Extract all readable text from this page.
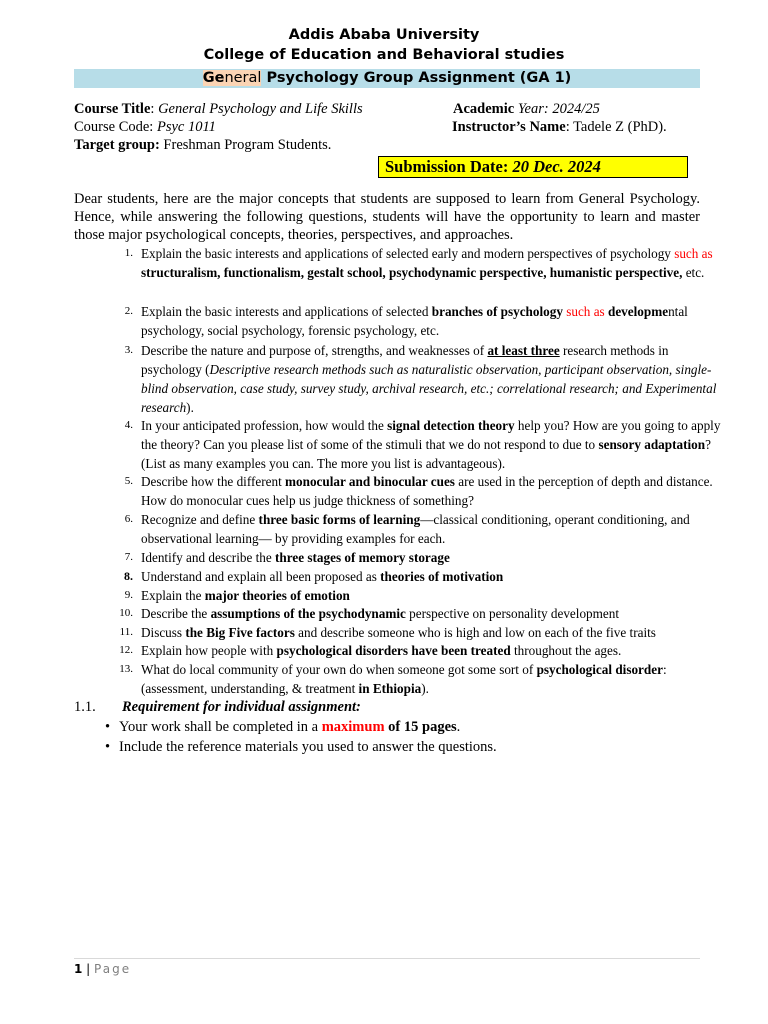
Addis Ababa University
College of Education and Behavioral studies
General Psychology Group Assignment (GA 1)
Course Title: General Psychology and Life Skills	Academic Year: 2024/25
Course Code: Psyc 1011	Instructor’s Name: Tadele Z (PhD).
Target group: Freshman Program Students.
Submission Date: 20 Dec. 2024
Dear students, here are the major concepts that students are supposed to learn from General Psychology. Hence, while answering the following questions, students will have the opportunity to learn and master those major psychological concepts, theories, perspectives, and approaches.
1. Explain the basic interests and applications of selected early and modern perspectives of psychology such as structuralism, functionalism, gestalt school, psychodynamic perspective, humanistic perspective, etc.
2. Explain the basic interests and applications of selected branches of psychology such as developmental psychology, social psychology, forensic psychology, etc.
3. Describe the nature and purpose of, strengths, and weaknesses of at least three research methods in psychology (Descriptive research methods such as naturalistic observation, participant observation, single-blind observation, case study, survey study, archival research, etc.; correlational research; and Experimental research).
4. In your anticipated profession, how would the signal detection theory help you? How are you going to apply the theory? Can you please list of some of the stimuli that we do not respond to due to sensory adaptation? (List as many examples you can. The more you list is advantageous).
5. Describe how the different monocular and binocular cues are used in the perception of depth and distance. How do monocular cues help us judge thickness of something?
6. Recognize and define three basic forms of learning—classical conditioning, operant conditioning, and observational learning— by providing examples for each.
7. Identify and describe the three stages of memory storage
8. Understand and explain all been proposed as theories of motivation
9. Explain the major theories of emotion
10. Describe the assumptions of the psychodynamic perspective on personality development
11. Discuss the Big Five factors and describe someone who is high and low on each of the five traits
12. Explain how people with psychological disorders have been treated throughout the ages.
13. What do local community of your own do when someone got some sort of psychological disorder: (assessment, understanding, & treatment in Ethiopia).
1.1. Requirement for individual assignment:
• Your work shall be completed in a maximum of 15 pages.
• Include the reference materials you used to answer the questions.
1 | Page
